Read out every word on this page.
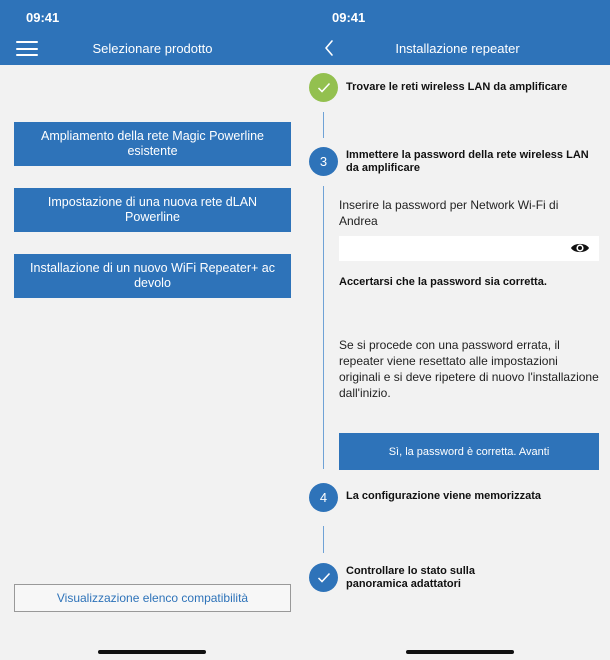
09:41
Selezionare prodotto
Ampliamento della rete Magic Powerline esistente
Impostazione di una nuova rete dLAN Powerline
Installazione di un nuovo WiFi Repeater+ ac devolo
Visualizzazione elenco compatibilità
09:41
Installazione repeater
Trovare le reti wireless LAN da amplificare
3	Immettere la password della rete wireless LAN da amplificare
Inserire la password per Network Wi-Fi di Andrea
Accertarsi che la password sia corretta.
Se si procede con una password errata, il repeater viene resettato alle impostazioni originali e si deve ripetere di nuovo l'installazione dall'inizio.
Sì, la password è corretta. Avanti
4	La configurazione viene memorizzata
Controllare lo stato sulla panoramica adattatori
